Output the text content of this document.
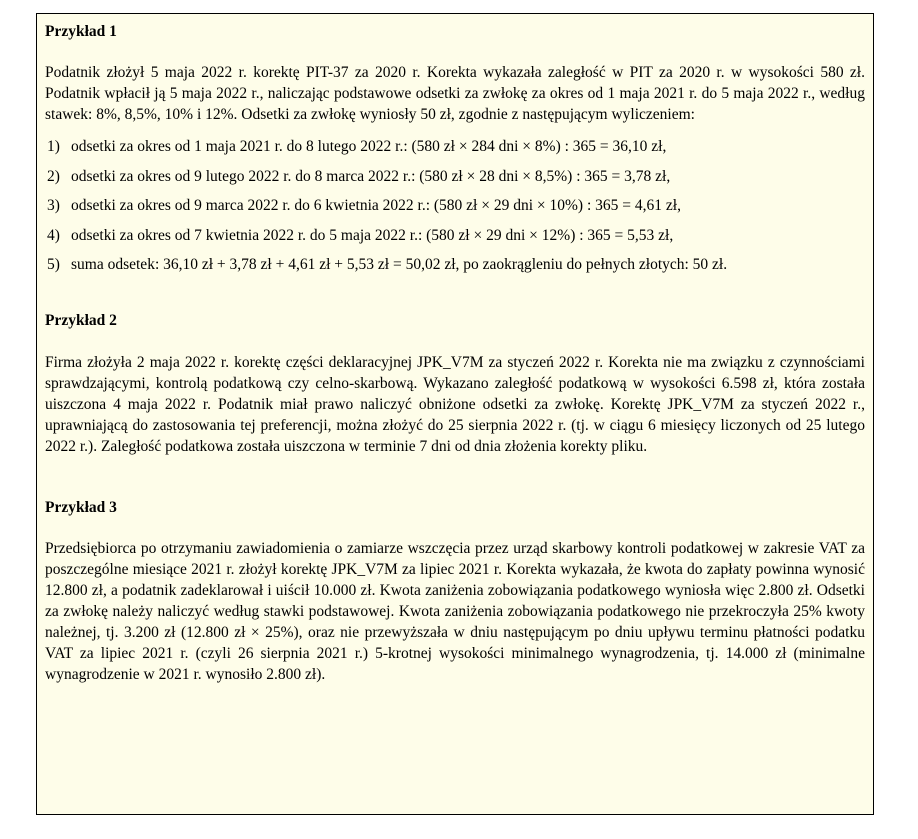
Przykład 1

Podatnik złożył 5 maja 2022 r. korektę PIT-37 za 2020 r. Korekta wykazała zaległość w PIT za 2020 r. w wysokości 580 zł. Podatnik wpłacił ją 5 maja 2022 r., naliczając podstawowe odsetki za zwłokę za okres od 1 maja 2021 r. do 5 maja 2022 r., według stawek: 8%, 8,5%, 10% i 12%. Odsetki za zwłokę wyniosły 50 zł, zgodnie z następującym wyliczeniem:

1) odsetki za okres od 1 maja 2021 r. do 8 lutego 2022 r.: (580 zł × 284 dni × 8%) : 365 = 36,10 zł,
2) odsetki za okres od 9 lutego 2022 r. do 8 marca 2022 r.: (580 zł × 28 dni × 8,5%) : 365 = 3,78 zł,
3) odsetki za okres od 9 marca 2022 r. do 6 kwietnia 2022 r.: (580 zł × 29 dni × 10%) : 365 = 4,61 zł,
4) odsetki za okres od 7 kwietnia 2022 r. do 5 maja 2022 r.: (580 zł × 29 dni × 12%) : 365 = 5,53 zł,
5) suma odsetek: 36,10 zł + 3,78 zł + 4,61 zł + 5,53 zł = 50,02 zł, po zaokrągleniu do pełnych złotych: 50 zł.
Przykład 2

Firma złożyła 2 maja 2022 r. korektę części deklaracyjnej JPK_V7M za styczeń 2022 r. Korekta nie ma związku z czynnościami sprawdzającymi, kontrolą podatkową czy celno-skarbową. Wykazano zaległość podatkową w wysokości 6.598 zł, która została uiszczona 4 maja 2022 r. Podatnik miał prawo naliczyć obniżone odsetki za zwłokę. Korektę JPK_V7M za styczeń 2022 r., uprawniającą do zastosowania tej preferencji, można złożyć do 25 sierpnia 2022 r. (tj. w ciągu 6 miesięcy liczonych od 25 lutego 2022 r.). Zaległość podatkowa została uiszczona w terminie 7 dni od dnia złożenia korekty pliku.

Przykład 3

Przedsiębiorca po otrzymaniu zawiadomienia o zamiarze wszczęcia przez urząd skarbowy kontroli podatkowej w zakresie VAT za poszczególne miesiące 2021 r. złożył korektę JPK_V7M za lipiec 2021 r. Korekta wykazała, że kwota do zapłaty powinna wynosić 12.800 zł, a podatnik zadeklarował i uiścił 10.000 zł. Kwota zaniżenia zobowiązania podatkowego wyniosła więc 2.800 zł. Odsetki za zwłokę należy naliczyć według stawki podstawowej. Kwota zaniżenia zobowiązania podatkowego nie przekroczyła 25% kwoty należnej, tj. 3.200 zł (12.800 zł × 25%), oraz nie przewyższała w dniu następującym po dniu upływu terminu płatności podatku VAT za lipiec 2021 r. (czyli 26 sierpnia 2021 r.) 5-krotnej wysokości minimalnego wynagrodzenia, tj. 14.000 zł (minimalne wynagrodzenie w 2021 r. wynosiło 2.800 zł).
